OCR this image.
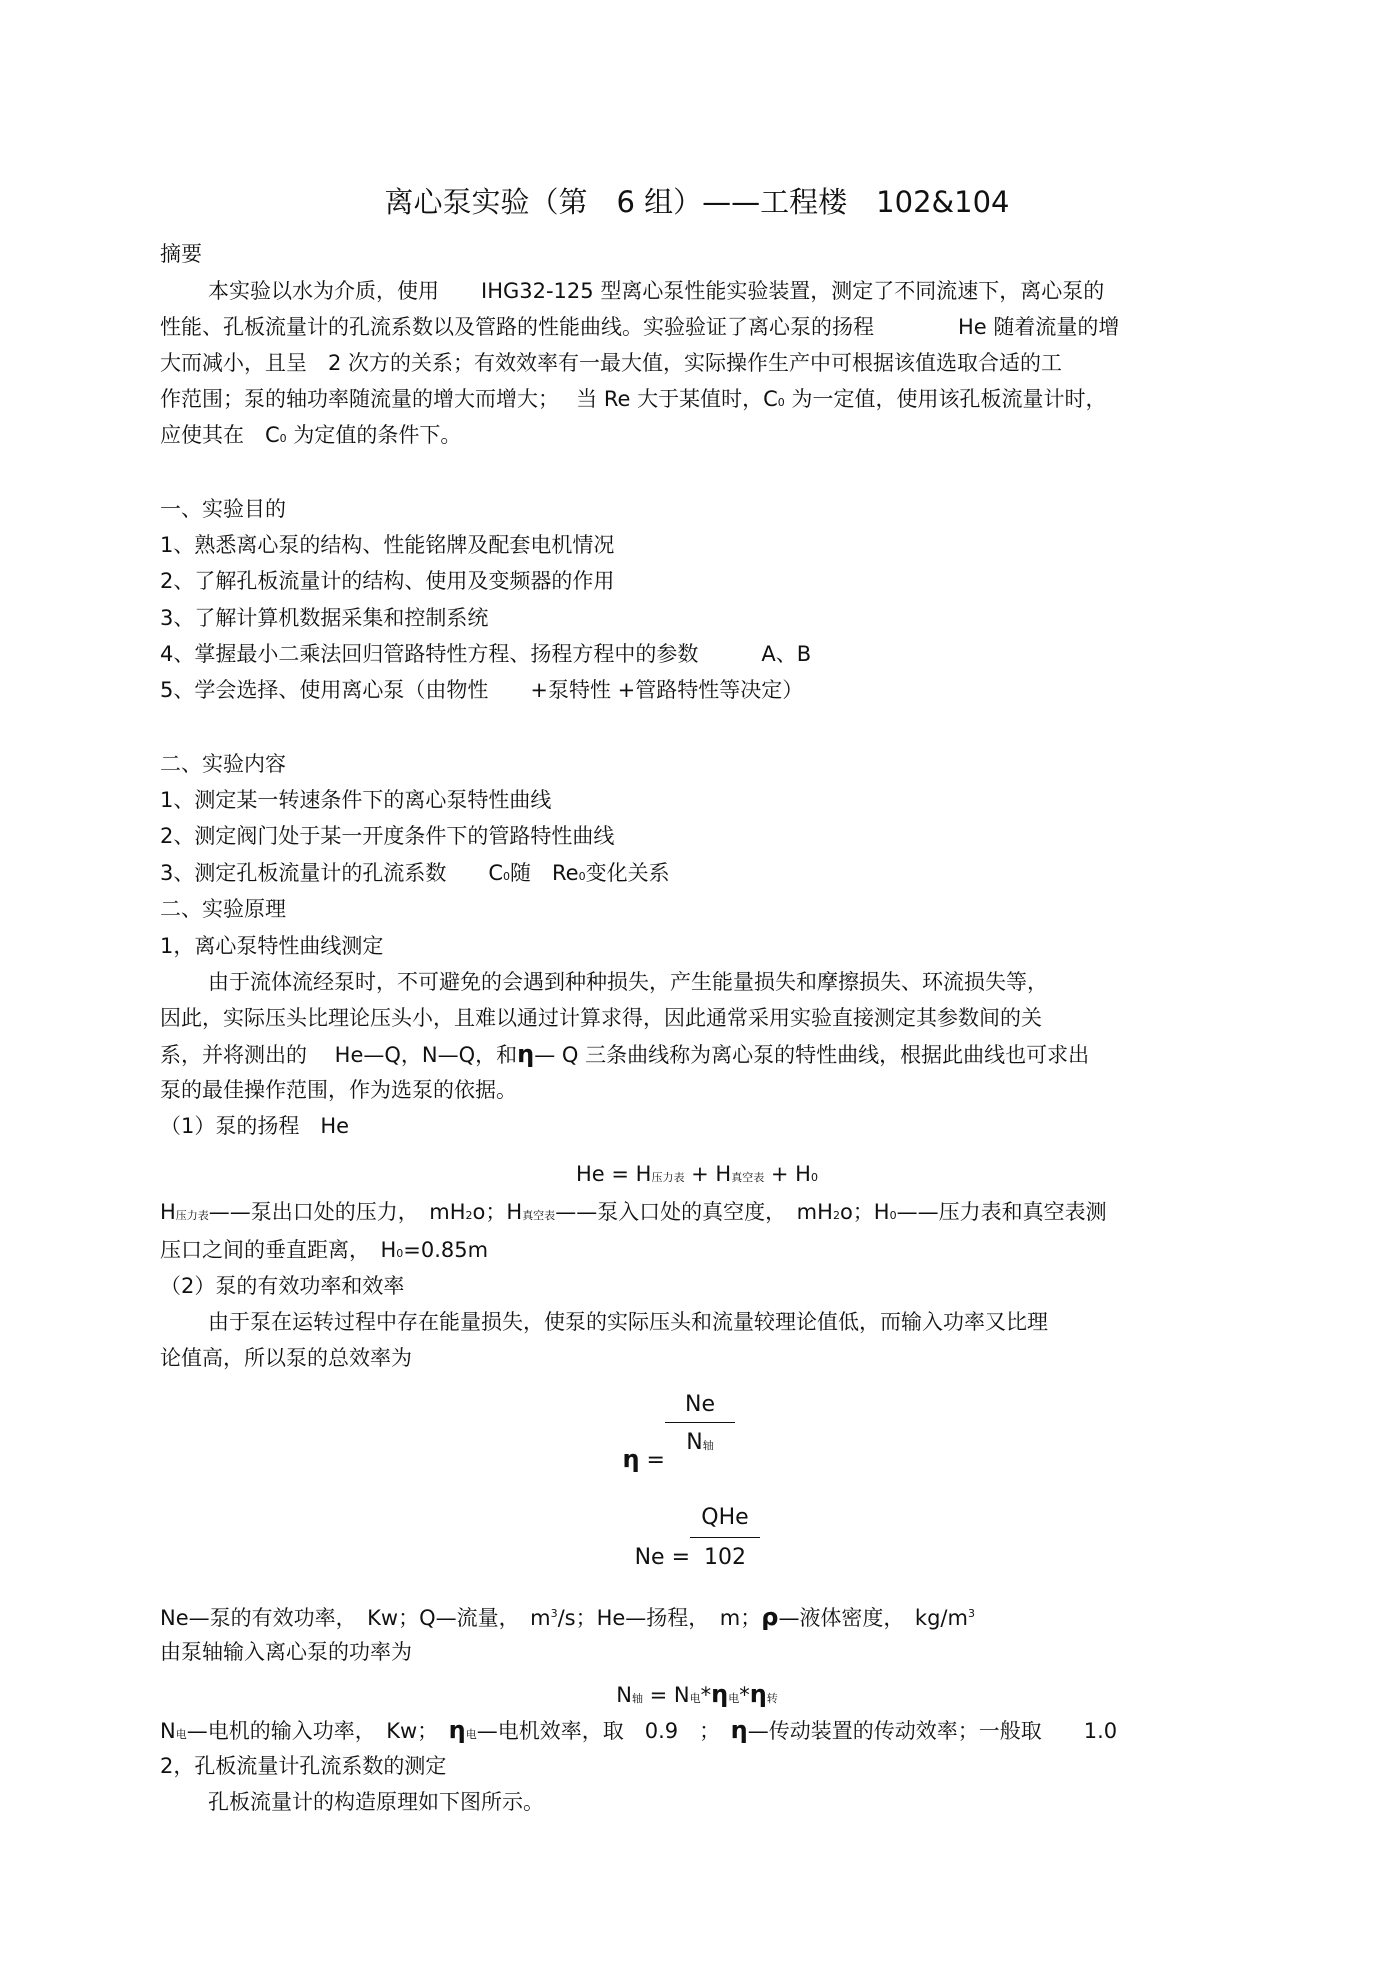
离心泵实验（第　6 组）——工程楼　102&104
摘要
本实验以水为介质，使用　　IHG32-125 型离心泵性能实验装置，测定了不同流速下，离心泵的
性能、孔板流量计的孔流系数以及管路的性能曲线。实验验证了离心泵的扬程　　　　He 随着流量的增
大而减小，且呈　2 次方的关系；有效效率有一最大值，实际操作生产中可根据该值选取合适的工
作范围；泵的轴功率随流量的增大而增大；　 当 Re 大于某值时，C0 为一定值，使用该孔板流量计时，
应使其在　C0 为定值的条件下。
一、实验目的
1、熟悉离心泵的结构、性能铭牌及配套电机情况
2、了解孔板流量计的结构、使用及变频器的作用
3、了解计算机数据采集和控制系统
4、掌握最小二乘法回归管路特性方程、扬程方程中的参数　　　A、B
5、学会选择、使用离心泵（由物性　　+泵特性 +管路特性等决定）
二、实验内容
1、测定某一转速条件下的离心泵特性曲线
2、测定阀门处于某一开度条件下的管路特性曲线
3、测定孔板流量计的孔流系数　　C0随　Re0变化关系
二、实验原理
1，离心泵特性曲线测定
由于流体流经泵时，不可避免的会遇到种种损失，产生能量损失和摩擦损失、环流损失等，
因此，实际压头比理论压头小，且难以通过计算求得，因此通常采用实验直接测定其参数间的关
系，并将测出的　 He—Q，N—Q，和η— Q 三条曲线称为离心泵的特性曲线，根据此曲线也可求出
泵的最佳操作范围，作为选泵的依据。
（1）泵的扬程　He
He = H压力表 + H真空表 + H0
H压力表——泵出口处的压力，　mH2o；H真空表——泵入口处的真空度，　mH2o；H0——压力表和真空表测
压口之间的垂直距离，　H0=0.85m
（2）泵的有效功率和效率
由于泵在运转过程中存在能量损失，使泵的实际压头和流量较理论值低，而输入功率又比理
论值高，所以泵的总效率为
Ne
N轴
η =
QHe
102
Ne =
Ne—泵的有效功率，　Kw；Q—流量，　$m^3/s$；He—扬程，　m；ρ—液体密度，　$kg/m^3$
由泵轴输入离心泵的功率为
N轴 = N电*η电*η转
N电—电机的输入功率，　Kw；　η电—电机效率，取　0.9　；　η—传动装置的传动效率；一般取　　1.0
2，孔板流量计孔流系数的测定
孔板流量计的构造原理如下图所示。
